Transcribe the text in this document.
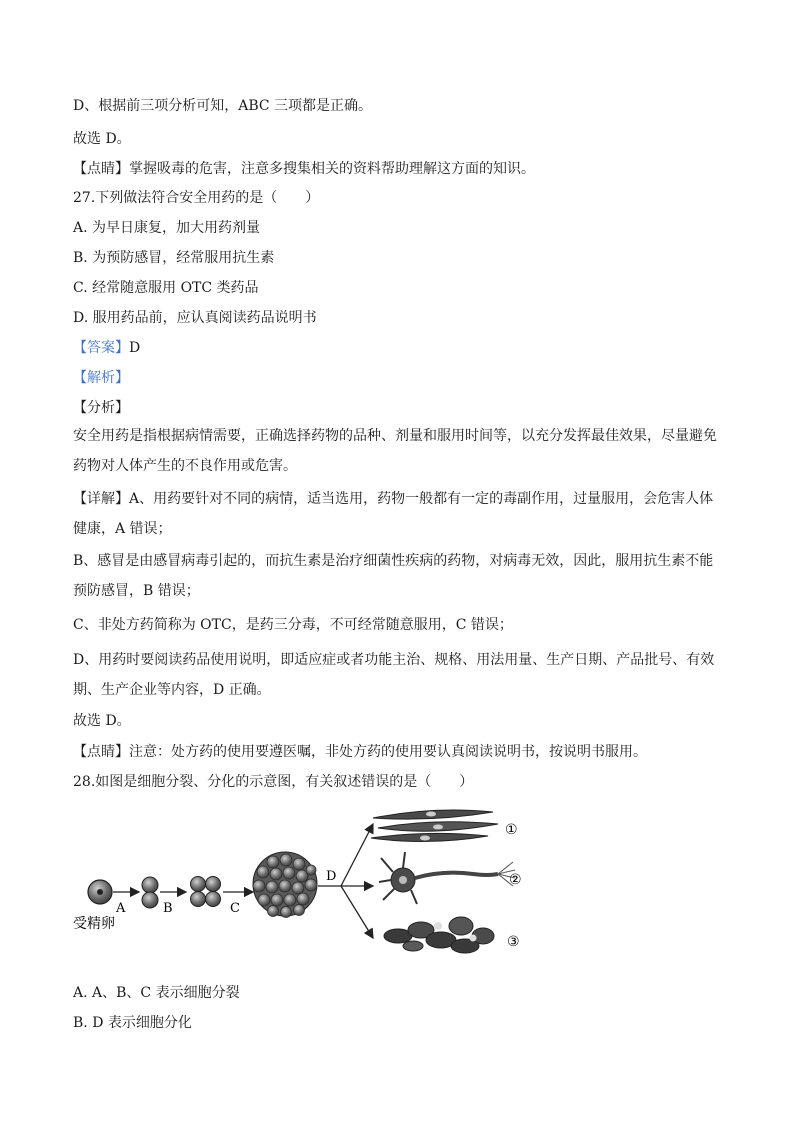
D、根据前三项分析可知，ABC 三项都是正确。
故选 D。
【点睛】掌握吸毒的危害，注意多搜集相关的资料帮助理解这方面的知识。
27.下列做法符合安全用药的是（　　）
A. 为早日康复，加大用药剂量
B. 为预防感冒，经常服用抗生素
C. 经常随意服用 OTC 类药品
D. 服用药品前，应认真阅读药品说明书
【答案】D
【解析】
【分析】
安全用药是指根据病情需要，正确选择药物的品种、剂量和服用时间等，以充分发挥最佳效果，尽量避免
药物对人体产生的不良作用或危害。
【详解】A、用药要针对不同的病情，适当选用，药物一般都有一定的毒副作用，过量服用，会危害人体
健康，A 错误；
B、感冒是由感冒病毒引起的，而抗生素是治疗细菌性疾病的药物，对病毒无效，因此，服用抗生素不能
预防感冒，B 错误；
C、非处方药简称为 OTC，是药三分毒，不可经常随意服用，C 错误；
D、用药时要阅读药品使用说明，即适应症或者功能主治、规格、用法用量、生产日期、产品批号、有效
期、生产企业等内容，D 正确。
故选 D。
【点睛】注意：处方药的使用要遵医嘱，非处方药的使用要认真阅读说明书，按说明书服用。
28.如图是细胞分裂、分化的示意图，有关叙述错误的是（　　）
受精卵
A	B	C
D
①
②
③
A. A、B、C 表示细胞分裂
B. D 表示细胞分化
